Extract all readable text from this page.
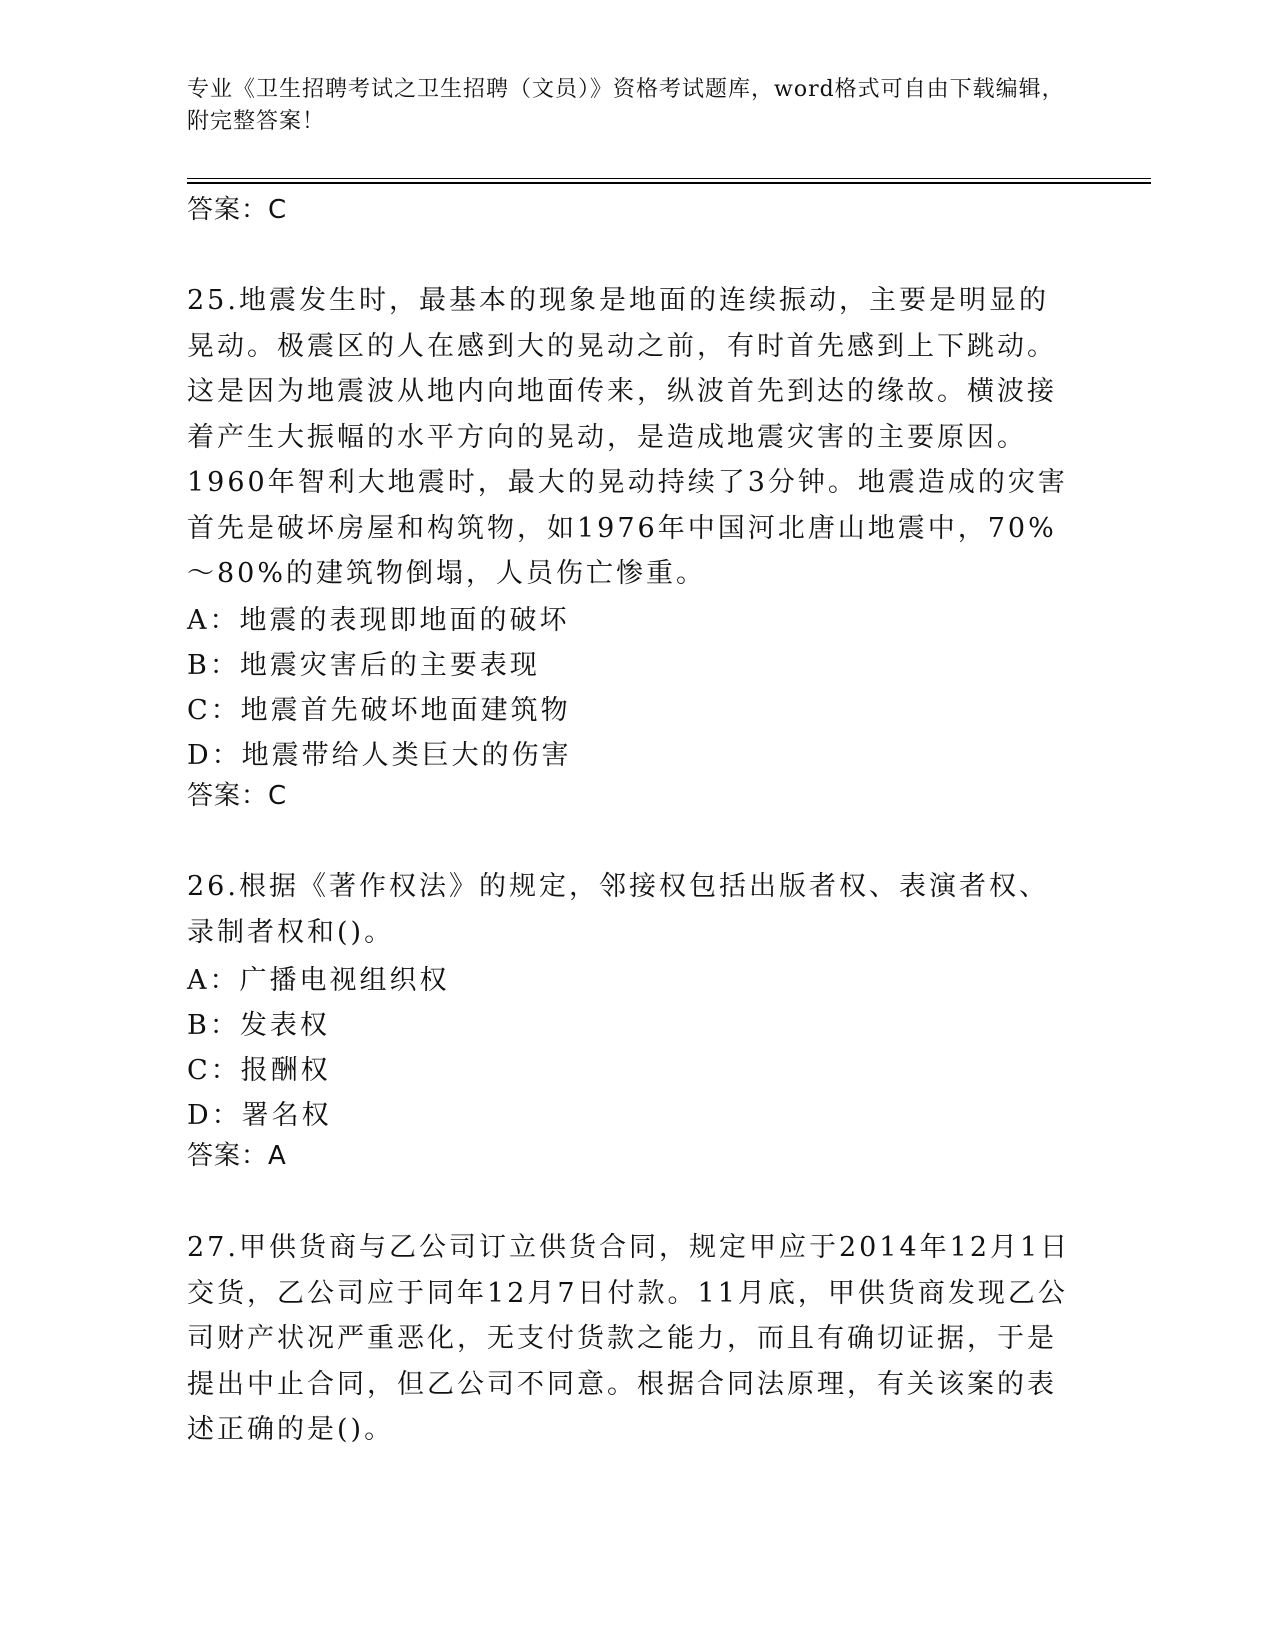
专业《卫生招聘考试之卫生招聘（文员）》资格考试题库，word格式可自由下载编辑，附完整答案！
答案：C
25.地震发生时，最基本的现象是地面的连续振动，主要是明显的晃动。极震区的人在感到大的晃动之前，有时首先感到上下跳动。这是因为地震波从地内向地面传来，纵波首先到达的缘故。横波接着产生大振幅的水平方向的晃动，是造成地震灾害的主要原因。1960年智利大地震时，最大的晃动持续了3分钟。地震造成的灾害首先是破坏房屋和构筑物，如1976年中国河北唐山地震中，70%～80%的建筑物倒塌，人员伤亡惨重。
A：地震的表现即地面的破坏
B：地震灾害后的主要表现
C：地震首先破坏地面建筑物
D：地震带给人类巨大的伤害
答案：C
26.根据《著作权法》的规定，邻接权包括出版者权、表演者权、录制者权和()。
A：广播电视组织权
B：发表权
C：报酬权
D：署名权
答案：A
27.甲供货商与乙公司订立供货合同，规定甲应于2014年12月1日交货，乙公司应于同年12月7日付款。11月底，甲供货商发现乙公司财产状况严重恶化，无支付货款之能力，而且有确切证据，于是提出中止合同，但乙公司不同意。根据合同法原理，有关该案的表述正确的是()。
